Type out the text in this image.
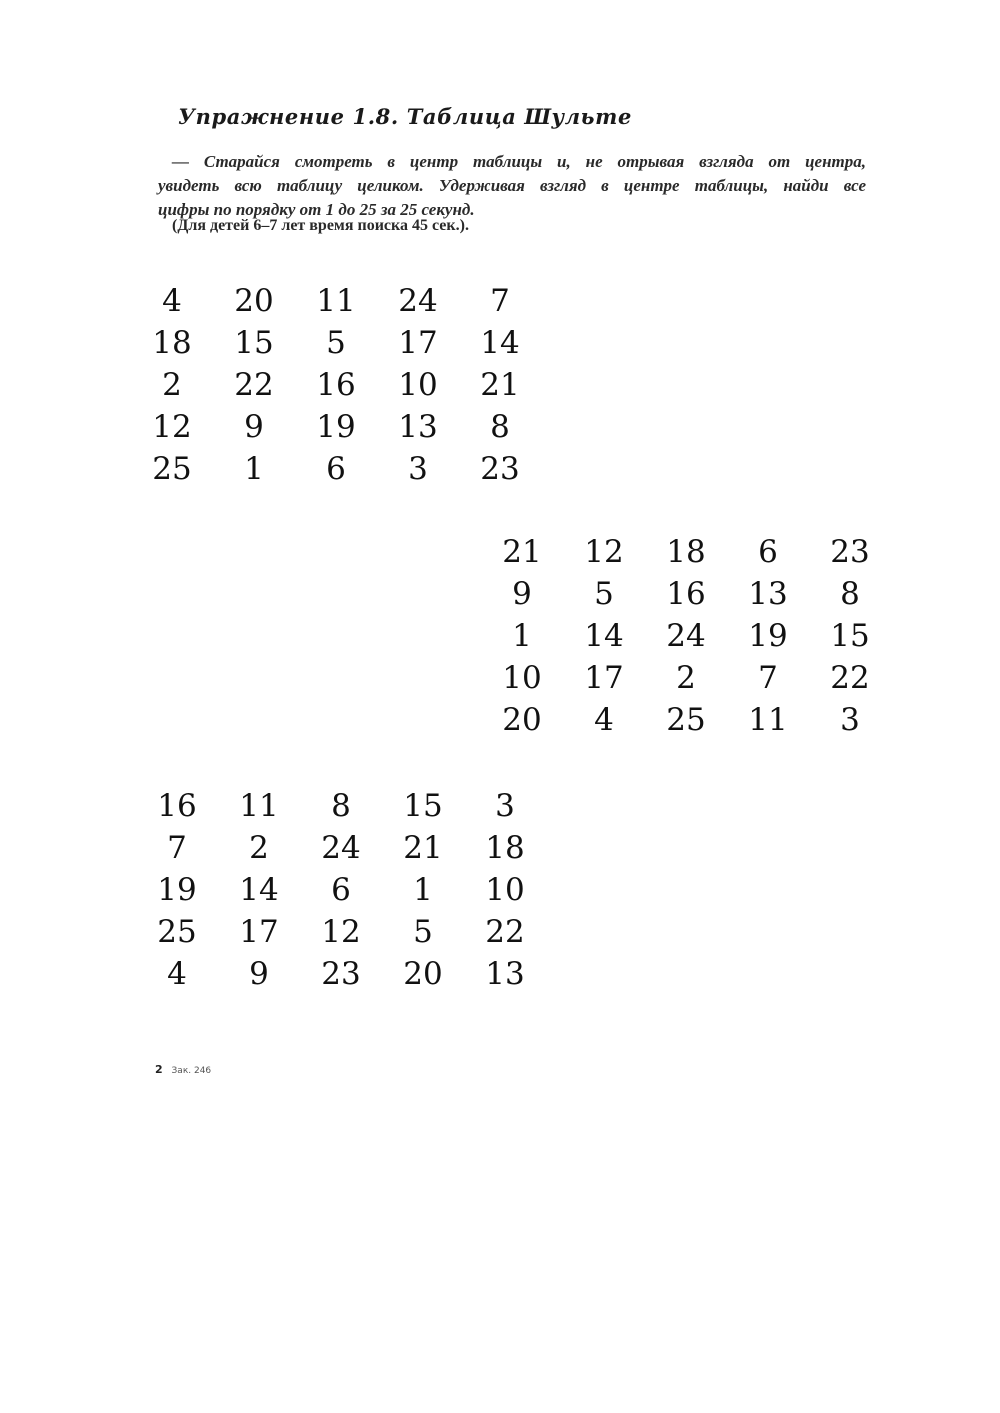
Упражнение 1.8. Таблица Шульте

— Старайся смотреть в центр таблицы и, не отрывая взгляда от центра,

увидеть всю таблицу целиком. Удерживая взгляд в центре таблицы, найди все

цифры по порядку от 1 до 25 за 25 секунд.

(Для детей 6–7 лет время поиска 45 сек.).
4	20	11	24	7
18	15	5	17	14
2	22	16	10	21
12	9	19	13	8
25	1	6	3	23
21	12	18	6	23
9	5	16	13	8
1	14	24	19	15
10	17	2	7	22
20	4	25	11	3
16	11	8	15	3
7	2	24	21	18
19	14	6	1	10
25	17	12	5	22
4	9	23	20	13
2 Зак. 246
